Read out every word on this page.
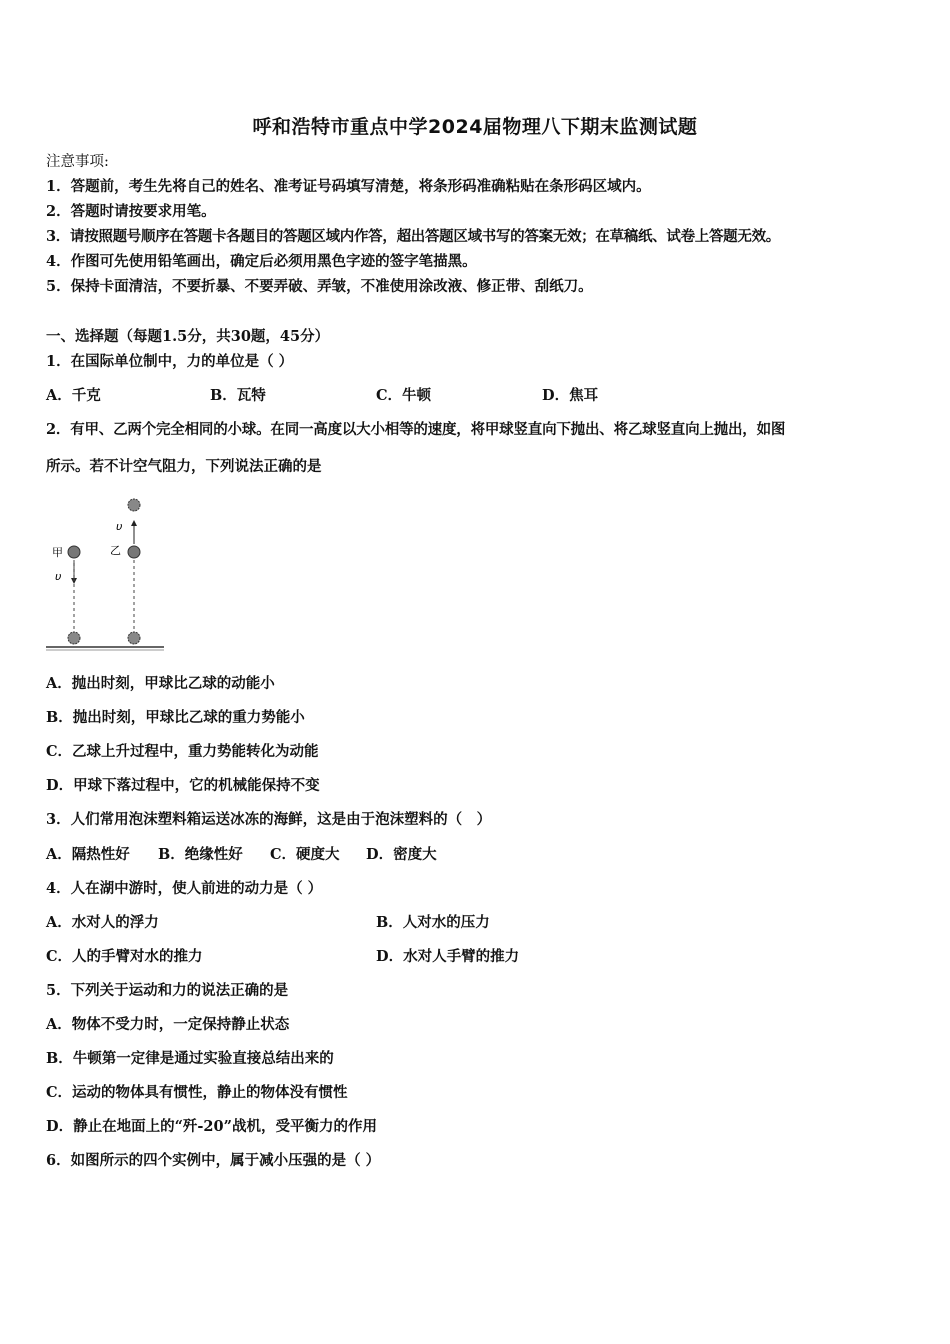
呼和浩特市重点中学2024届物理八下期末监测试题
注意事项:
1．答题前，考生先将自己的姓名、准考证号码填写清楚，将条形码准确粘贴在条形码区域内。
2．答题时请按要求用笔。
3．请按照题号顺序在答题卡各题目的答题区域内作答，超出答题区域书写的答案无效；在草稿纸、试卷上答题无效。
4．作图可先使用铅笔画出，确定后必须用黑色字迹的签字笔描黑。
5．保持卡面清洁，不要折暴、不要弄破、弄皱，不准使用涂改液、修正带、刮纸刀。
一、选择题（每题1.5分，共30题，45分）
1．在国际单位制中，力的单位是（ ）
A．千克	B．瓦特	C．牛顿	D．焦耳
2．有甲、乙两个完全相同的小球。在同一高度以大小相等的速度，将甲球竖直向下抛出、将乙球竖直向上抛出，如图
所示。若不计空气阻力，下列说法正确的是
甲
υ
乙
υ
A．抛出时刻，甲球比乙球的动能小
B．抛出时刻，甲球比乙球的重力势能小
C．乙球上升过程中，重力势能转化为动能
D．甲球下落过程中，它的机械能保持不变
3．人们常用泡沫塑料箱运送冰冻的海鲜，这是由于泡沫塑料的（　）
A．隔热性好 B．绝缘性好 C．硬度大 D．密度大
4．人在湖中游时，使人前进的动力是（ ）
A．水对人的浮力	B．人对水的压力
C．人的手臂对水的推力	D．水对人手臂的推力
5．下列关于运动和力的说法正确的是
A．物体不受力时，一定保持静止状态
B．牛顿第一定律是通过实验直接总结出来的
C．运动的物体具有惯性，静止的物体没有惯性
D．静止在地面上的“歼-20”战机，受平衡力的作用
6．如图所示的四个实例中，属于减小压强的是（ ）
